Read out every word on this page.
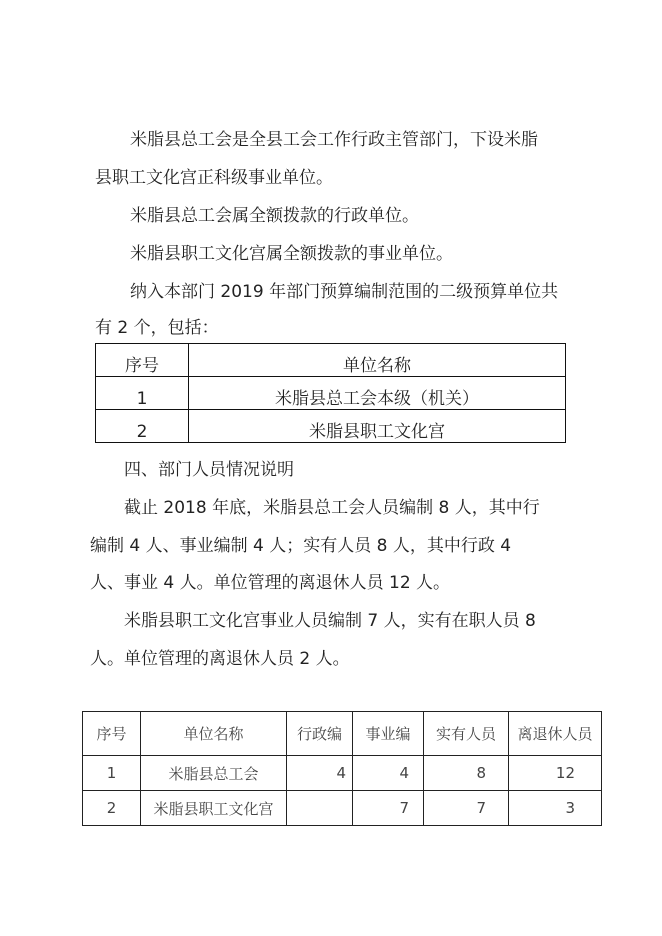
米脂县总工会是全县工会工作行政主管部门，下设米脂
县职工文化宫正科级事业单位。
米脂县总工会属全额拨款的行政单位。
米脂县职工文化宫属全额拨款的事业单位。
纳入本部门 2019 年部门预算编制范围的二级预算单位共
有 2 个，包括：
序号	单位名称
1	米脂县总工会本级（机关）
2	米脂县职工文化宫
四、部门人员情况说明
截止 2018 年底，米脂县总工会人员编制 8 人，其中行
编制 4 人、事业编制 4 人；实有人员 8 人，其中行政 4
人、事业 4 人。单位管理的离退休人员 12 人。
米脂县职工文化宫事业人员编制 7 人，实有在职人员 8
人。单位管理的离退休人员 2 人。
序号	单位名称	行政编	事业编	实有人员	离退休人员
1	米脂县总工会	4	4	8	12
2	米脂县职工文化宫		7	7	3
